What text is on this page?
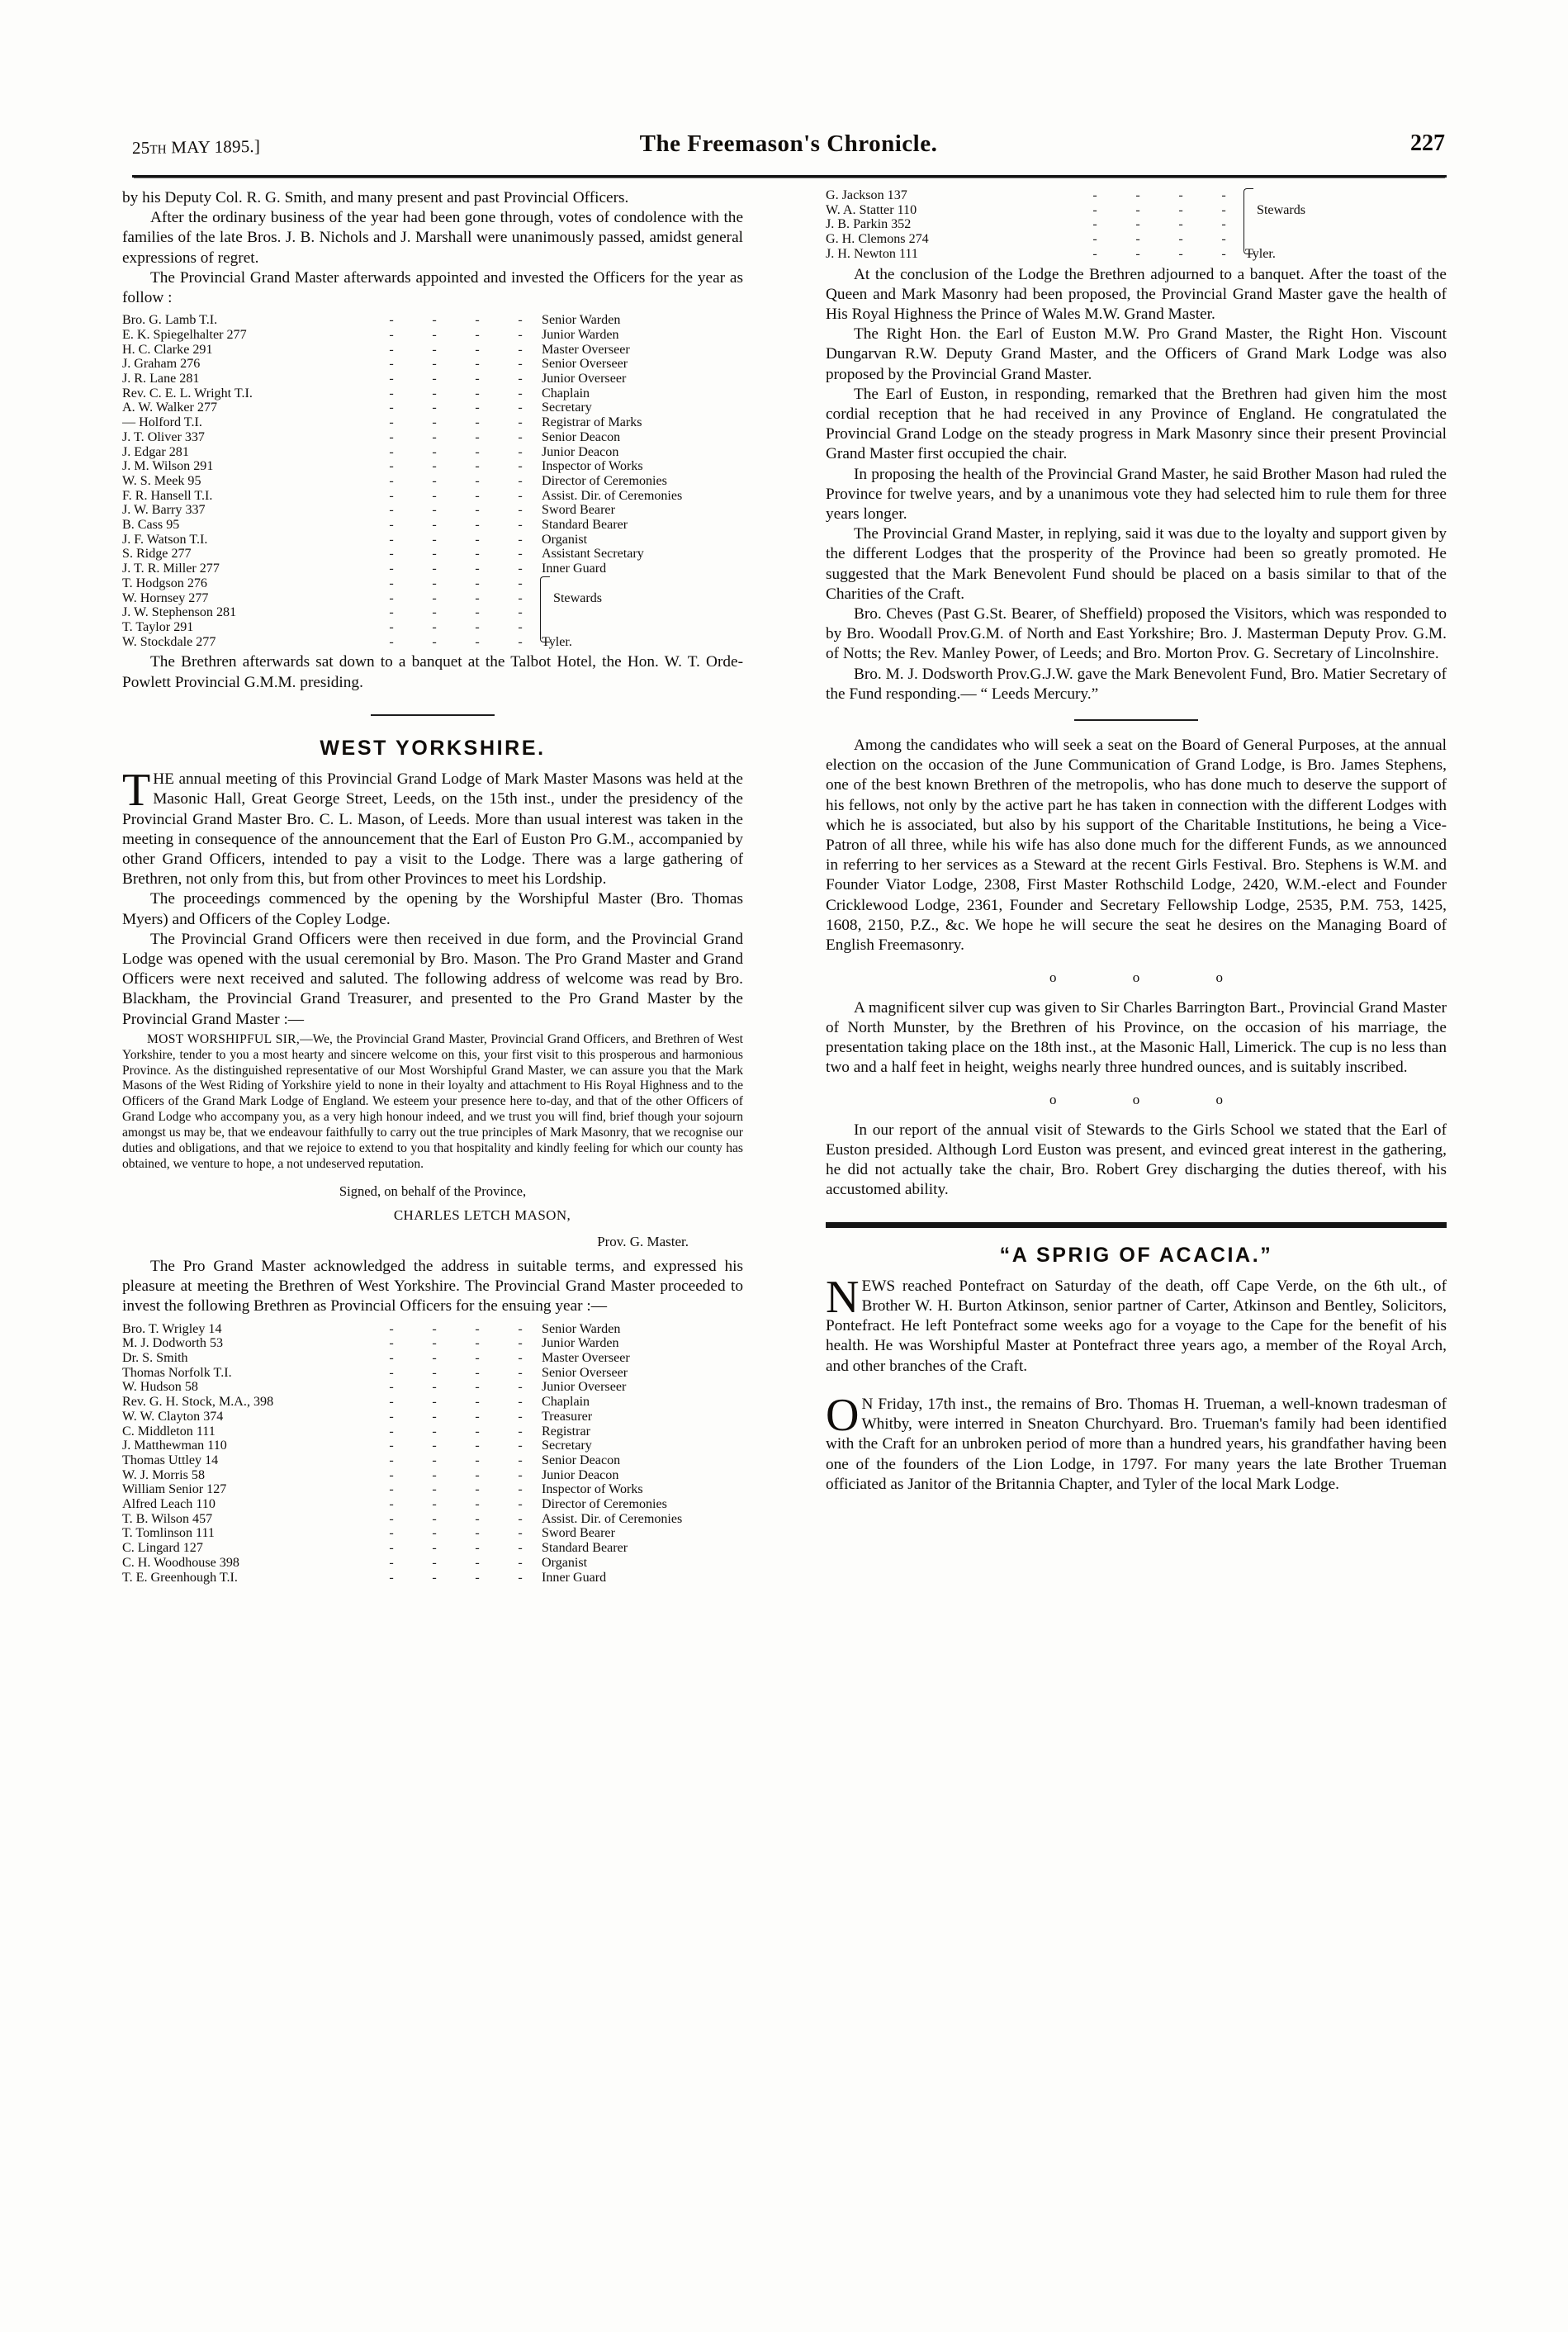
25TH MAY 1895.]	The Freemason's Chronicle.	227

by his Deputy Col. R. G. Smith, and many present and past Provincial Officers.

After the ordinary business of the year had been gone through, votes of condolence with the families of the late Bros. J. B. Nichols and J. Marshall were unanimously passed, amidst general expressions of regret.

The Provincial Grand Master afterwards appointed and invested the Officers for the year as follow :

Bro. G. Lamb T.I.	-	-	-	-	Senior Warden
E. K. Spiegelhalter 277	-	-	-	-	Junior Warden
H. C. Clarke 291	-	-	-	-	Master Overseer
J. Graham 276	-	-	-	-	Senior Overseer
J. R. Lane 281	-	-	-	-	Junior Overseer
Rev. C. E. L. Wright T.I.	-	-	-	-	Chaplain
A. W. Walker 277	-	-	-	-	Secretary
— Holford T.I.	-	-	-	-	Registrar of Marks
J. T. Oliver 337	-	-	-	-	Senior Deacon
J. Edgar 281	-	-	-	-	Junior Deacon
J. M. Wilson 291	-	-	-	-	Inspector of Works
W. S. Meek 95	-	-	-	-	Director of Ceremonies
F. R. Hansell T.I.	-	-	-	-	Assist. Dir. of Ceremonies
J. W. Barry 337	-	-	-	-	Sword Bearer
B. Cass 95	-	-	-	-	Standard Bearer
J. F. Watson T.I.	-	-	-	-	Organist
S. Ridge 277	-	-	-	-	Assistant Secretary
J. T. R. Miller 277	-	-	-	-	Inner Guard
T. Hodgson 276	-	-	-	-	

W. Hornsey 277	-	-	-	-	Stewards

J. W. Stephenson 281	-	-	-	-	
T. Taylor 291	-	-	-	-	
W. Stockdale 277	-	-	-	-	Tyler.

The Brethren afterwards sat down to a banquet at the Talbot Hotel, the Hon. W. T. Orde-Powlett Provincial G.M.M. presiding.

WEST YORKSHIRE.

THE annual meeting of this Provincial Grand Lodge of Mark Master Masons was held at the Masonic Hall, Great George Street, Leeds, on the 15th inst., under the presidency of the Provincial Grand Master Bro. C. L. Mason, of Leeds. More than usual interest was taken in the meeting in consequence of the announcement that the Earl of Euston Pro G.M., accompanied by other Grand Officers, intended to pay a visit to the Lodge. There was a large gathering of Brethren, not only from this, but from other Provinces to meet his Lordship.

The proceedings commenced by the opening by the Worshipful Master (Bro. Thomas Myers) and Officers of the Copley Lodge.

The Provincial Grand Officers were then received in due form, and the Provincial Grand Lodge was opened with the usual ceremonial by Bro. Mason. The Pro Grand Master and Grand Officers were next received and saluted. The following address of welcome was read by Bro. Blackham, the Provincial Grand Treasurer, and presented to the Pro Grand Master by the Provincial Grand Master :—

MOST WORSHIPFUL SIR,—We, the Provincial Grand Master, Provincial Grand Officers, and Brethren of West Yorkshire, tender to you a most hearty and sincere welcome on this, your first visit to this prosperous and harmonious Province. As the distinguished representative of our Most Worshipful Grand Master, we can assure you that the Mark Masons of the West Riding of Yorkshire yield to none in their loyalty and attachment to His Royal Highness and to the Officers of the Grand Mark Lodge of England. We esteem your presence here to-day, and that of the other Officers of Grand Lodge who accompany you, as a very high honour indeed, and we trust you will find, brief though your sojourn amongst us may be, that we endeavour faithfully to carry out the true principles of Mark Masonry, that we recognise our duties and obligations, and that we rejoice to extend to you that hospitality and kindly feeling for which our county has obtained, we venture to hope, a not undeserved reputation.

Signed, on behalf of the Province,
CHARLES LETCH MASON,
Prov. G. Master.

The Pro Grand Master acknowledged the address in suitable terms, and expressed his pleasure at meeting the Brethren of West Yorkshire. The Provincial Grand Master proceeded to invest the following Brethren as Provincial Officers for the ensuing year :—

Bro. T. Wrigley 14	-	-	-	-	Senior Warden
M. J. Dodworth 53	-	-	-	-	Junior Warden
Dr. S. Smith	-	-	-	-	Master Overseer
Thomas Norfolk T.I.	-	-	-	-	Senior Overseer
W. Hudson 58	-	-	-	-	Junior Overseer
Rev. G. H. Stock, M.A., 398	-	-	-	-	Chaplain
W. W. Clayton 374	-	-	-	-	Treasurer
C. Middleton 111	-	-	-	-	Registrar
J. Matthewman 110	-	-	-	-	Secretary
Thomas Uttley 14	-	-	-	-	Senior Deacon
W. J. Morris 58	-	-	-	-	Junior Deacon
William Senior 127	-	-	-	-	Inspector of Works
Alfred Leach 110	-	-	-	-	Director of Ceremonies
T. B. Wilson 457	-	-	-	-	Assist. Dir. of Ceremonies
T. Tomlinson 111	-	-	-	-	Sword Bearer
C. Lingard 127	-	-	-	-	Standard Bearer
C. H. Woodhouse 398	-	-	-	-	Organist
T. E. Greenhough T.I.	-	-	-	-	Inner Guard
G. Jackson 137	-	-	-	-	

W. A. Statter 110	-	-	-	-	Stewards

J. B. Parkin 352	-	-	-	-	
G. H. Clemons 274	-	-	-	-	
J. H. Newton 111	-	-	-	-	Tyler.

At the conclusion of the Lodge the Brethren adjourned to a banquet. After the toast of the Queen and Mark Masonry had been proposed, the Provincial Grand Master gave the health of His Royal Highness the Prince of Wales M.W. Grand Master.

The Right Hon. the Earl of Euston M.W. Pro Grand Master, the Right Hon. Viscount Dungarvan R.W. Deputy Grand Master, and the Officers of Grand Mark Lodge was also proposed by the Provincial Grand Master.

The Earl of Euston, in responding, remarked that the Brethren had given him the most cordial reception that he had received in any Province of England. He congratulated the Provincial Grand Lodge on the steady progress in Mark Masonry since their present Provincial Grand Master first occupied the chair.

In proposing the health of the Provincial Grand Master, he said Brother Mason had ruled the Province for twelve years, and by a unanimous vote they had selected him to rule them for three years longer.

The Provincial Grand Master, in replying, said it was due to the loyalty and support given by the different Lodges that the prosperity of the Province had been so greatly promoted. He suggested that the Mark Benevolent Fund should be placed on a basis similar to that of the Charities of the Craft.

Bro. Cheves (Past G.St. Bearer, of Sheffield) proposed the Visitors, which was responded to by Bro. Woodall Prov.G.M. of North and East Yorkshire; Bro. J. Masterman Deputy Prov. G.M. of Notts; the Rev. Manley Power, of Leeds; and Bro. Morton Prov. G. Secretary of Lincolnshire.

Bro. M. J. Dodsworth Prov.G.J.W. gave the Mark Benevolent Fund, Bro. Matier Secretary of the Fund responding.— “ Leeds Mercury.”

Among the candidates who will seek a seat on the Board of General Purposes, at the annual election on the occasion of the June Communication of Grand Lodge, is Bro. James Stephens, one of the best known Brethren of the metropolis, who has done much to deserve the support of his fellows, not only by the active part he has taken in connection with the different Lodges with which he is associated, but also by his support of the Charitable Institutions, he being a Vice-Patron of all three, while his wife has also done much for the different Funds, as we announced in referring to her services as a Steward at the recent Girls Festival. Bro. Stephens is W.M. and Founder Viator Lodge, 2308, First Master Rothschild Lodge, 2420, W.M.-elect and Founder Cricklewood Lodge, 2361, Founder and Secretary Fellowship Lodge, 2535, P.M. 753, 1425, 1608, 2150, P.Z., &c. We hope he will secure the seat he desires on the Managing Board of English Freemasonry.

o o o

A magnificent silver cup was given to Sir Charles Barrington Bart., Provincial Grand Master of North Munster, by the Brethren of his Province, on the occasion of his marriage, the presentation taking place on the 18th inst., at the Masonic Hall, Limerick. The cup is no less than two and a half feet in height, weighs nearly three hundred ounces, and is suitably inscribed.

o o o

In our report of the annual visit of Stewards to the Girls School we stated that the Earl of Euston presided. Although Lord Euston was present, and evinced great interest in the gathering, he did not actually take the chair, Bro. Robert Grey discharging the duties thereof, with his accustomed ability.

“A SPRIG OF ACACIA.”

NEWS reached Pontefract on Saturday of the death, off Cape Verde, on the 6th ult., of Brother W. H. Burton Atkinson, senior partner of Carter, Atkinson and Bentley, Solicitors, Pontefract. He left Pontefract some weeks ago for a voyage to the Cape for the benefit of his health. He was Worshipful Master at Pontefract three years ago, a member of the Royal Arch, and other branches of the Craft.

O N Friday, 17th inst., the remains of Bro. Thomas H. Trueman, a well-known tradesman of Whitby, were interred in Sneaton Churchyard. Bro. Trueman's family had been identified with the Craft for an unbroken period of more than a hundred years, his grandfather having been one of the founders of the Lion Lodge, in 1797. For many years the late Brother Trueman officiated as Janitor of the Britannia Chapter, and Tyler of the local Mark Lodge.
